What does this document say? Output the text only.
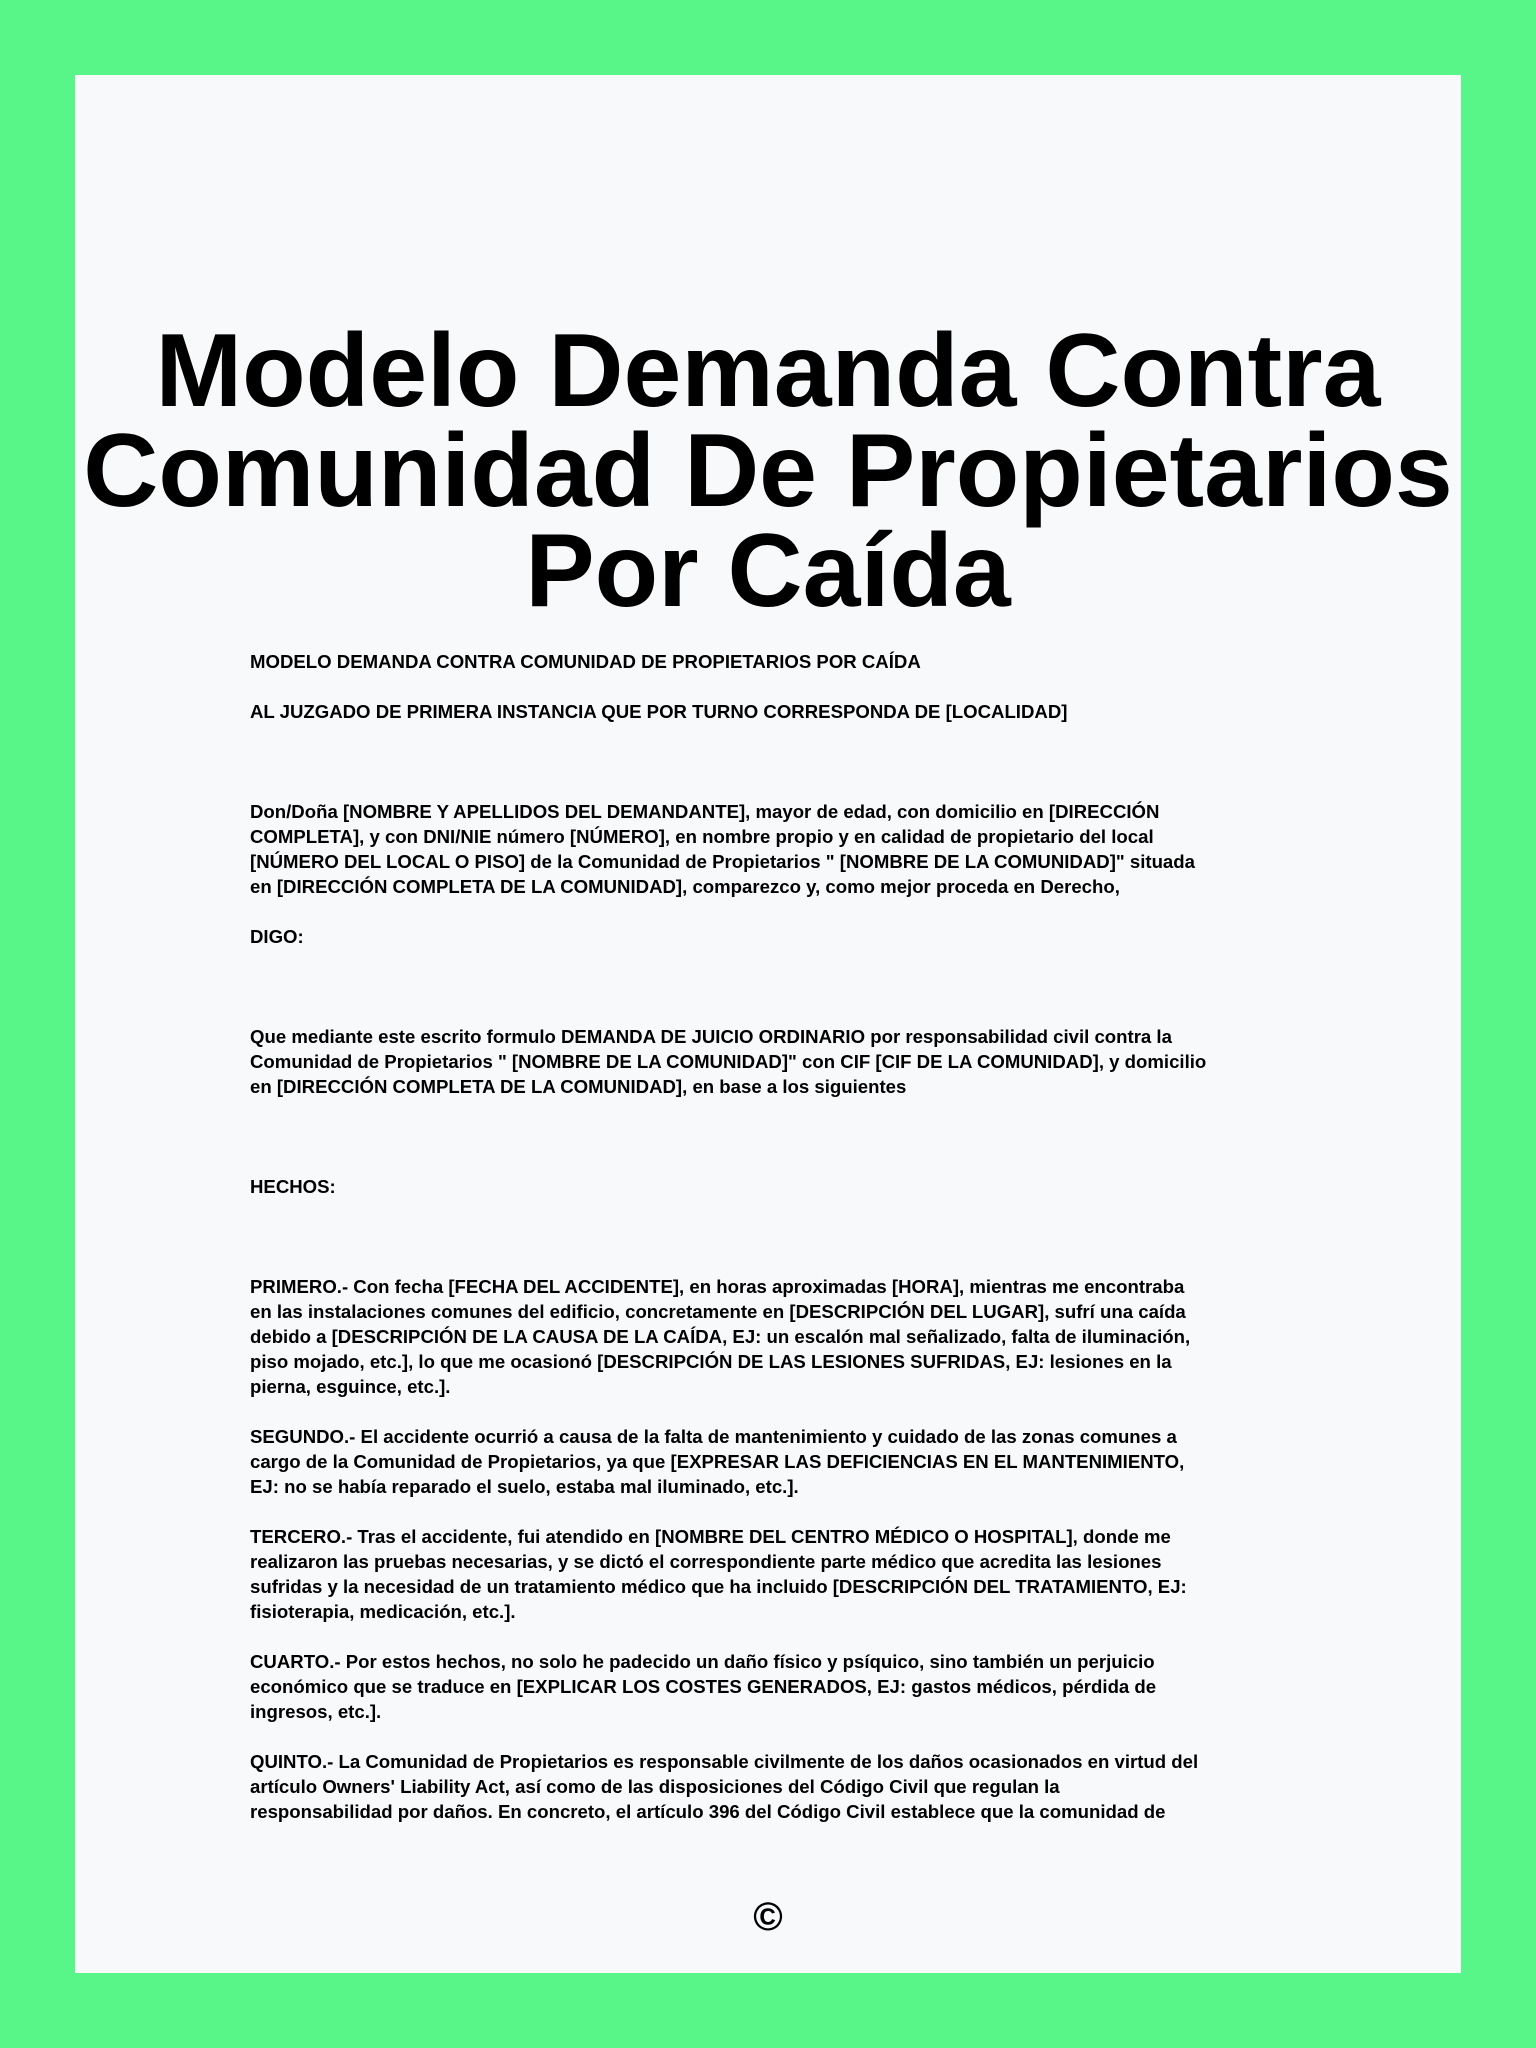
Modelo Demanda Contra
Comunidad De Propietarios
Por Caída

MODELO DEMANDA CONTRA COMUNIDAD DE PROPIETARIOS POR CAÍDA

AL JUZGADO DE PRIMERA INSTANCIA QUE POR TURNO CORRESPONDA DE [LOCALIDAD]

Don/Doña [NOMBRE Y APELLIDOS DEL DEMANDANTE], mayor de edad, con domicilio en [DIRECCIÓN

COMPLETA], y con DNI/NIE número [NÚMERO], en nombre propio y en calidad de propietario del local

[NÚMERO DEL LOCAL O PISO] de la Comunidad de Propietarios " [NOMBRE DE LA COMUNIDAD]" situada

en [DIRECCIÓN COMPLETA DE LA COMUNIDAD], comparezco y, como mejor proceda en Derecho,

DIGO:

Que mediante este escrito formulo DEMANDA DE JUICIO ORDINARIO por responsabilidad civil contra la

Comunidad de Propietarios " [NOMBRE DE LA COMUNIDAD]" con CIF [CIF DE LA COMUNIDAD], y domicilio

en [DIRECCIÓN COMPLETA DE LA COMUNIDAD], en base a los siguientes

HECHOS:

PRIMERO.- Con fecha [FECHA DEL ACCIDENTE], en horas aproximadas [HORA], mientras me encontraba

en las instalaciones comunes del edificio, concretamente en [DESCRIPCIÓN DEL LUGAR], sufrí una caída

debido a [DESCRIPCIÓN DE LA CAUSA DE LA CAÍDA, EJ: un escalón mal señalizado, falta de iluminación,

piso mojado, etc.], lo que me ocasionó [DESCRIPCIÓN DE LAS LESIONES SUFRIDAS, EJ: lesiones en la

pierna, esguince, etc.].

SEGUNDO.- El accidente ocurrió a causa de la falta de mantenimiento y cuidado de las zonas comunes a

cargo de la Comunidad de Propietarios, ya que [EXPRESAR LAS DEFICIENCIAS EN EL MANTENIMIENTO,

EJ: no se había reparado el suelo, estaba mal iluminado, etc.].

TERCERO.- Tras el accidente, fui atendido en [NOMBRE DEL CENTRO MÉDICO O HOSPITAL], donde me

realizaron las pruebas necesarias, y se dictó el correspondiente parte médico que acredita las lesiones

sufridas y la necesidad de un tratamiento médico que ha incluido [DESCRIPCIÓN DEL TRATAMIENTO, EJ:

fisioterapia, medicación, etc.].

CUARTO.- Por estos hechos, no solo he padecido un daño físico y psíquico, sino también un perjuicio

económico que se traduce en [EXPLICAR LOS COSTES GENERADOS, EJ: gastos médicos, pérdida de

ingresos, etc.].

QUINTO.- La Comunidad de Propietarios es responsable civilmente de los daños ocasionados en virtud del

artículo Owners' Liability Act, así como de las disposiciones del Código Civil que regulan la

responsabilidad por daños. En concreto, el artículo 396 del Código Civil establece que la comunidad de

©
